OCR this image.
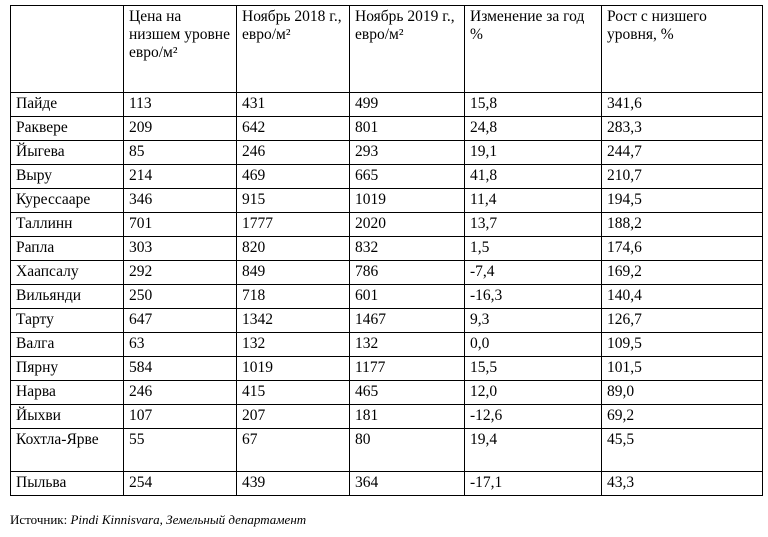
	Цена на низшем уровне евро/м²	Ноябрь 2018 г., евро/м²	Ноябрь 2019 г., евро/м²	Изменение за год %	Рост с низшего уровня, %
Пайде	113	431	499	15,8	341,6
Раквере	209	642	801	24,8	283,3
Йыгева	85	246	293	19,1	244,7
Выру	214	469	665	41,8	210,7
Курессааре	346	915	1019	11,4	194,5
Таллинн	701	1777	2020	13,7	188,2
Рапла	303	820	832	1,5	174,6
Хаапсалу	292	849	786	-7,4	169,2
Вильянди	250	718	601	-16,3	140,4
Тарту	647	1342	1467	9,3	126,7
Валга	63	132	132	0,0	109,5
Пярну	584	1019	1177	15,5	101,5
Нарва	246	415	465	12,0	89,0
Йыхви	107	207	181	-12,6	69,2
Кохтла-Ярве	55	67	80	19,4	45,5
Пыльва	254	439	364	-17,1	43,3
Источник: Pindi Kinnisvara, Земельный департамент
